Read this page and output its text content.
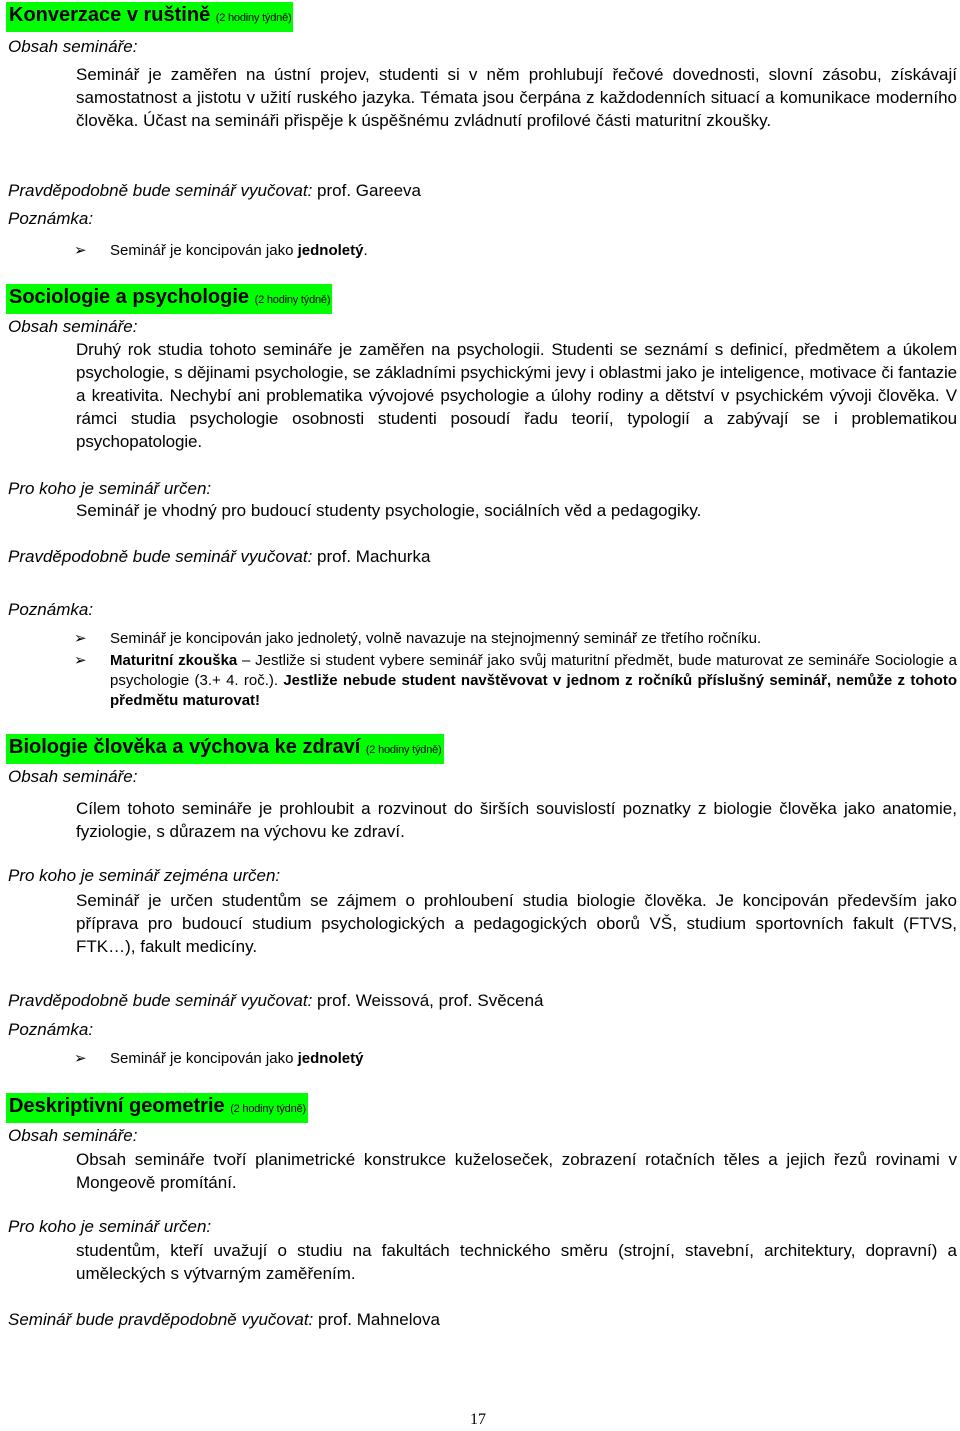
Konverzace v ruštině (2 hodiny týdně)
Obsah semináře:
Seminář je zaměřen na ústní projev, studenti si v něm prohlubují řečové dovednosti, slovní zásobu, získávají samostatnost a jistotu v užití ruského jazyka. Témata jsou čerpána z každodenních situací a komunikace moderního člověka. Účast na semináři přispěje k úspěšnému zvládnutí profilové části maturitní zkoušky.
Pravděpodobně bude seminář vyučovat: prof. Gareeva
Poznámka:
➢ Seminář je koncipován jako jednoletý.
Sociologie a psychologie (2 hodiny týdně)
Obsah semináře:
Druhý rok studia tohoto semináře je zaměřen na psychologii. Studenti se seznámí s definicí, předmětem a úkolem psychologie, s dějinami psychologie, se základními psychickými jevy i oblastmi jako je inteligence, motivace či fantazie a kreativita. Nechybí ani problematika vývojové psychologie a úlohy rodiny a dětství v psychickém vývoji člověka. V rámci studia psychologie osobnosti studenti posoudí řadu teorií, typologií a zabývají se i problematikou psychopatologie.
Pro koho je seminář určen:
Seminář je vhodný pro budoucí studenty psychologie, sociálních věd a pedagogiky.
Pravděpodobně bude seminář vyučovat: prof. Machurka
Poznámka:
➢ Seminář je koncipován jako jednoletý, volně navazuje na stejnojmenný seminář ze třetího ročníku.
➢ Maturitní zkouška – Jestliže si student vybere seminář jako svůj maturitní předmět, bude maturovat ze semináře Sociologie a psychologie (3.+ 4. roč.). Jestliže nebude student navštěvovat v jednom z ročníků příslušný seminář, nemůže z tohoto předmětu maturovat!
Biologie člověka a výchova ke zdraví (2 hodiny týdně)
Obsah semináře:
Cílem tohoto semináře je prohloubit a rozvinout do širších souvislostí poznatky z biologie člověka jako anatomie, fyziologie, s důrazem na výchovu ke zdraví.
Pro koho je seminář zejména určen:
Seminář je určen studentům se zájmem o prohloubení studia biologie člověka. Je koncipován především jako příprava pro budoucí studium psychologických a pedagogických oborů VŠ, studium sportovních fakult (FTVS, FTK…), fakult medicíny.
Pravděpodobně bude seminář vyučovat: prof. Weissová, prof. Svěcená
Poznámka:
➢ Seminář je koncipován jako jednoletý
Deskriptivní geometrie (2 hodiny týdně)
Obsah semináře:
Obsah semináře tvoří planimetrické konstrukce kuželoseček, zobrazení rotačních těles a jejich řezů rovinami v Mongeově promítání.
Pro koho je seminář určen:
studentům, kteří uvažují o studiu na fakultách technického směru (strojní, stavební, architektury, dopravní) a uměleckých s výtvarným zaměřením.
Seminář bude pravděpodobně vyučovat: prof. Mahnelova
17
